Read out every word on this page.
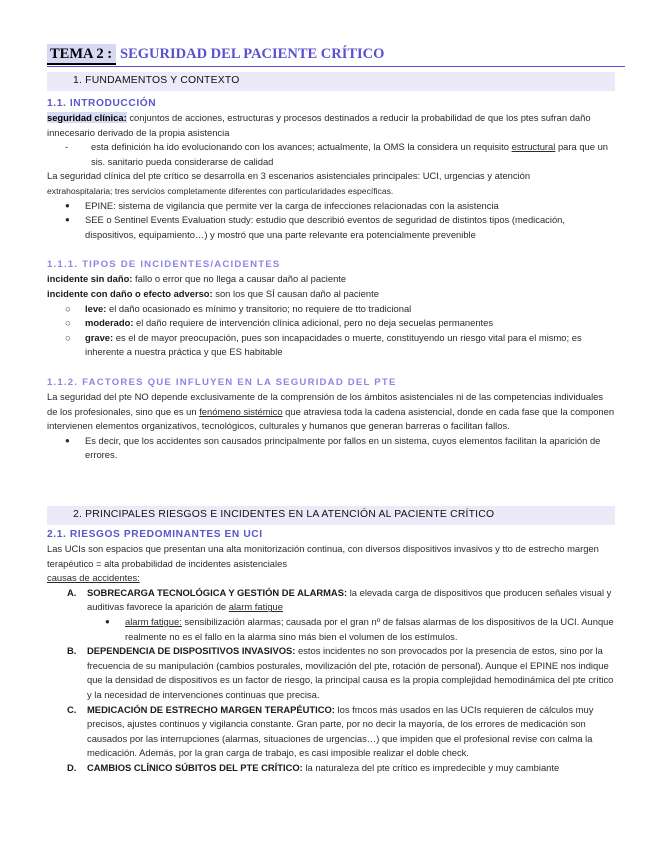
TEMA 2 : SEGURIDAD DEL PACIENTE CRÍTICO
1. FUNDAMENTOS Y CONTEXTO
1.1. INTRODUCCIÓN

seguridad clínica: conjuntos de acciones, estructuras y procesos destinados a reducir la probabilidad de que los ptes sufran daño innecesario derivado de la propia asistencia

-	esta definición ha ido evolucionando con los avances; actualmente, la OMS la considera un requisito estructural para que un sis. sanitario pueda considerarse de calidad

La seguridad clínica del pte crítico se desarrolla en 3 escenarios asistenciales principales: UCI, urgencias y atención

extrahospitalaria; tres servicios completamente diferentes con particularidades específicas.

●	EPINE: sistema de vigilancia que permite ver la carga de infecciones relacionadas con la asistencia
●	SEE o Sentinel Events Evaluation study: estudio que describió eventos de seguridad de distintos tipos (medicación, dispositivos, equipamiento…) y mostró que una parte relevante era potencialmente prevenible
1.1.1. TIPOS DE INCIDENTES/ACIDENTES

incidente sin daño: fallo o error que no llega a causar daño al paciente

incidente con daño o efecto adverso: son los que SÍ causan daño al paciente

○	leve: el daño ocasionado es mínimo y transitorio; no requiere de tto tradicional
○	moderado: el daño requiere de intervención clínica adicional, pero no deja secuelas permanentes
○	grave: es el de mayor preocupación, pues son incapacidades o muerte, constituyendo un riesgo vital para el mismo; es inherente a nuestra práctica y que ES habitable
1.1.2. FACTORES QUE INFLUYEN EN LA SEGURIDAD DEL PTE

La seguridad del pte NO depende exclusivamente de la comprensión de los ámbitos asistenciales ni de las competencias individuales de los profesionales, sino que es un fenómeno sistémico que atraviesa toda la cadena asistencial, donde en cada fase que la componen intervienen elementos organizativos, tecnológicos, culturales y humanos que generan barreras o facilitan fallos.

●	Es decir, que los accidentes son causados principalmente por fallos en un sistema, cuyos elementos facilitan la aparición de errores.
2. PRINCIPALES RIESGOS E INCIDENTES EN LA ATENCIÓN AL PACIENTE CRÍTICO
2.1. RIESGOS PREDOMINANTES EN UCI

Las UCIs son espacios que presentan una alta monitorización continua, con diversos dispositivos invasivos y tto de estrecho margen terapéutico = alta probabilidad de incidentes asistenciales

causas de accidentes:

A.	SOBRECARGA TECNOLÓGICA Y GESTIÓN DE ALARMAS: la elevada carga de dispositivos que producen señales visual y auditivas favorece la aparición de alarm fatigue
●	alarm fatigue: sensibilización alarmas; causada por el gran nº de falsas alarmas de los dispositivos de la UCI. Aunque realmente no es el fallo en la alarma sino más bien el volumen de los estímulos.
B.	DEPENDENCIA DE DISPOSITIVOS INVASIVOS: estos incidentes no son provocados por la presencia de estos, sino por la frecuencia de su manipulación (cambios posturales, movilización del pte, rotación de personal). Aunque el EPINE nos indique que la densidad de dispositivos es un factor de riesgo, la principal causa es la propia complejidad hemodinámica del pte crítico y la necesidad de intervenciones continuas que precisa.
C.	MEDICACIÓN DE ESTRECHO MARGEN TERAPÉUTICO: los fmcos más usados en las UCIs requieren de cálculos muy precisos, ajustes continuos y vigilancia constante. Gran parte, por no decir la mayoría, de los errores de medicación son causados por las interrupciones (alarmas, situaciones de urgencias…) que impiden que el profesional revise con calma la medicación. Además, por la gran carga de trabajo, es casi imposible realizar el doble check.
D.	CAMBIOS CLÍNICO SÚBITOS DEL PTE CRÍTICO: la naturaleza del pte crítico es impredecible y muy cambiante
